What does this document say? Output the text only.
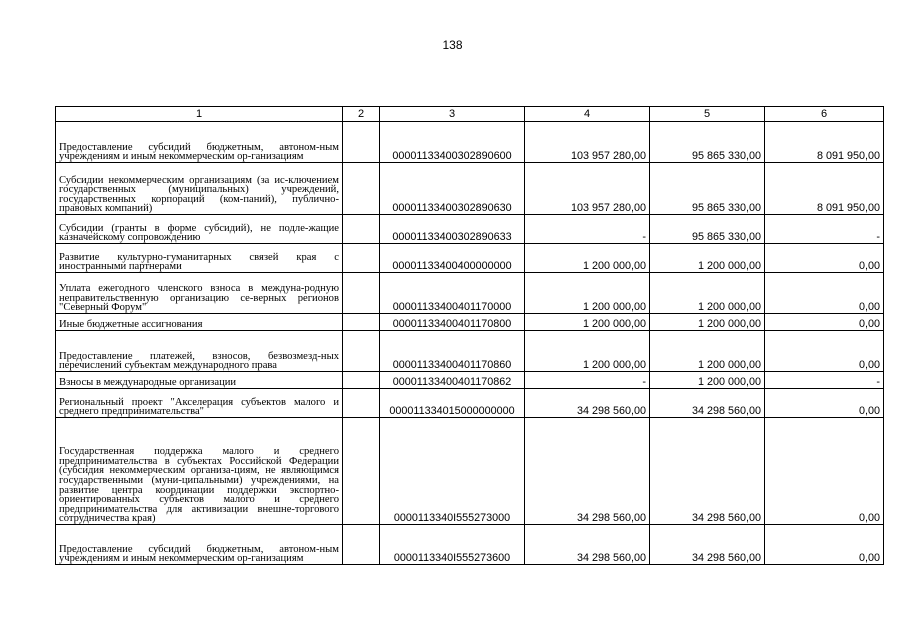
138
1	2	3	4	5	6
Предоставление субсидий бюджетным, автоном-ным учреждениям и иным некоммерческим ор-ганизациям		00001133400302890600	103 957 280,00	95 865 330,00	8 091 950,00
Субсидии некоммерческим организациям (за ис-ключением государственных (муниципальных) учреждений, государственных корпораций (ком-паний), публично-правовых компаний)		00001133400302890630	103 957 280,00	95 865 330,00	8 091 950,00
Субсидии (гранты в форме субсидий), не подле-жащие казначейскому сопровождению		00001133400302890633	-	95 865 330,00	-
Развитие культурно-гуманитарных связей края с иностранными партнерами		00001133400400000000	1 200 000,00	1 200 000,00	0,00
Уплата ежегодного членского взноса в междуна-родную неправительственную организацию се-верных регионов "Северный Форум"		00001133400401170000	1 200 000,00	1 200 000,00	0,00
Иные бюджетные ассигнования		00001133400401170800	1 200 000,00	1 200 000,00	0,00
Предоставление платежей, взносов, безвозмезд-ных перечислений субъектам международного права		00001133400401170860	1 200 000,00	1 200 000,00	0,00
Взносы в международные организации		00001133400401170862	-	1 200 000,00	-
Региональный проект "Акселерация субъектов малого и среднего предпринимательства"		000011334015000000000	34 298 560,00	34 298 560,00	0,00
Государственная поддержка малого и среднего предпринимательства в субъектах Российской Федерации (субсидия некоммерческим организа-циям, не являющимся государственными (муни-ципальными) учреждениями, на развитие центра координации поддержки экспортно-ориентированных субъектов малого и среднего предпринимательства для активизации внешне-торгового сотрудничества края)		0000113340I555273000	34 298 560,00	34 298 560,00	0,00
Предоставление субсидий бюджетным, автоном-ным учреждениям и иным некоммерческим ор-ганизациям		0000113340I555273600	34 298 560,00	34 298 560,00	0,00
